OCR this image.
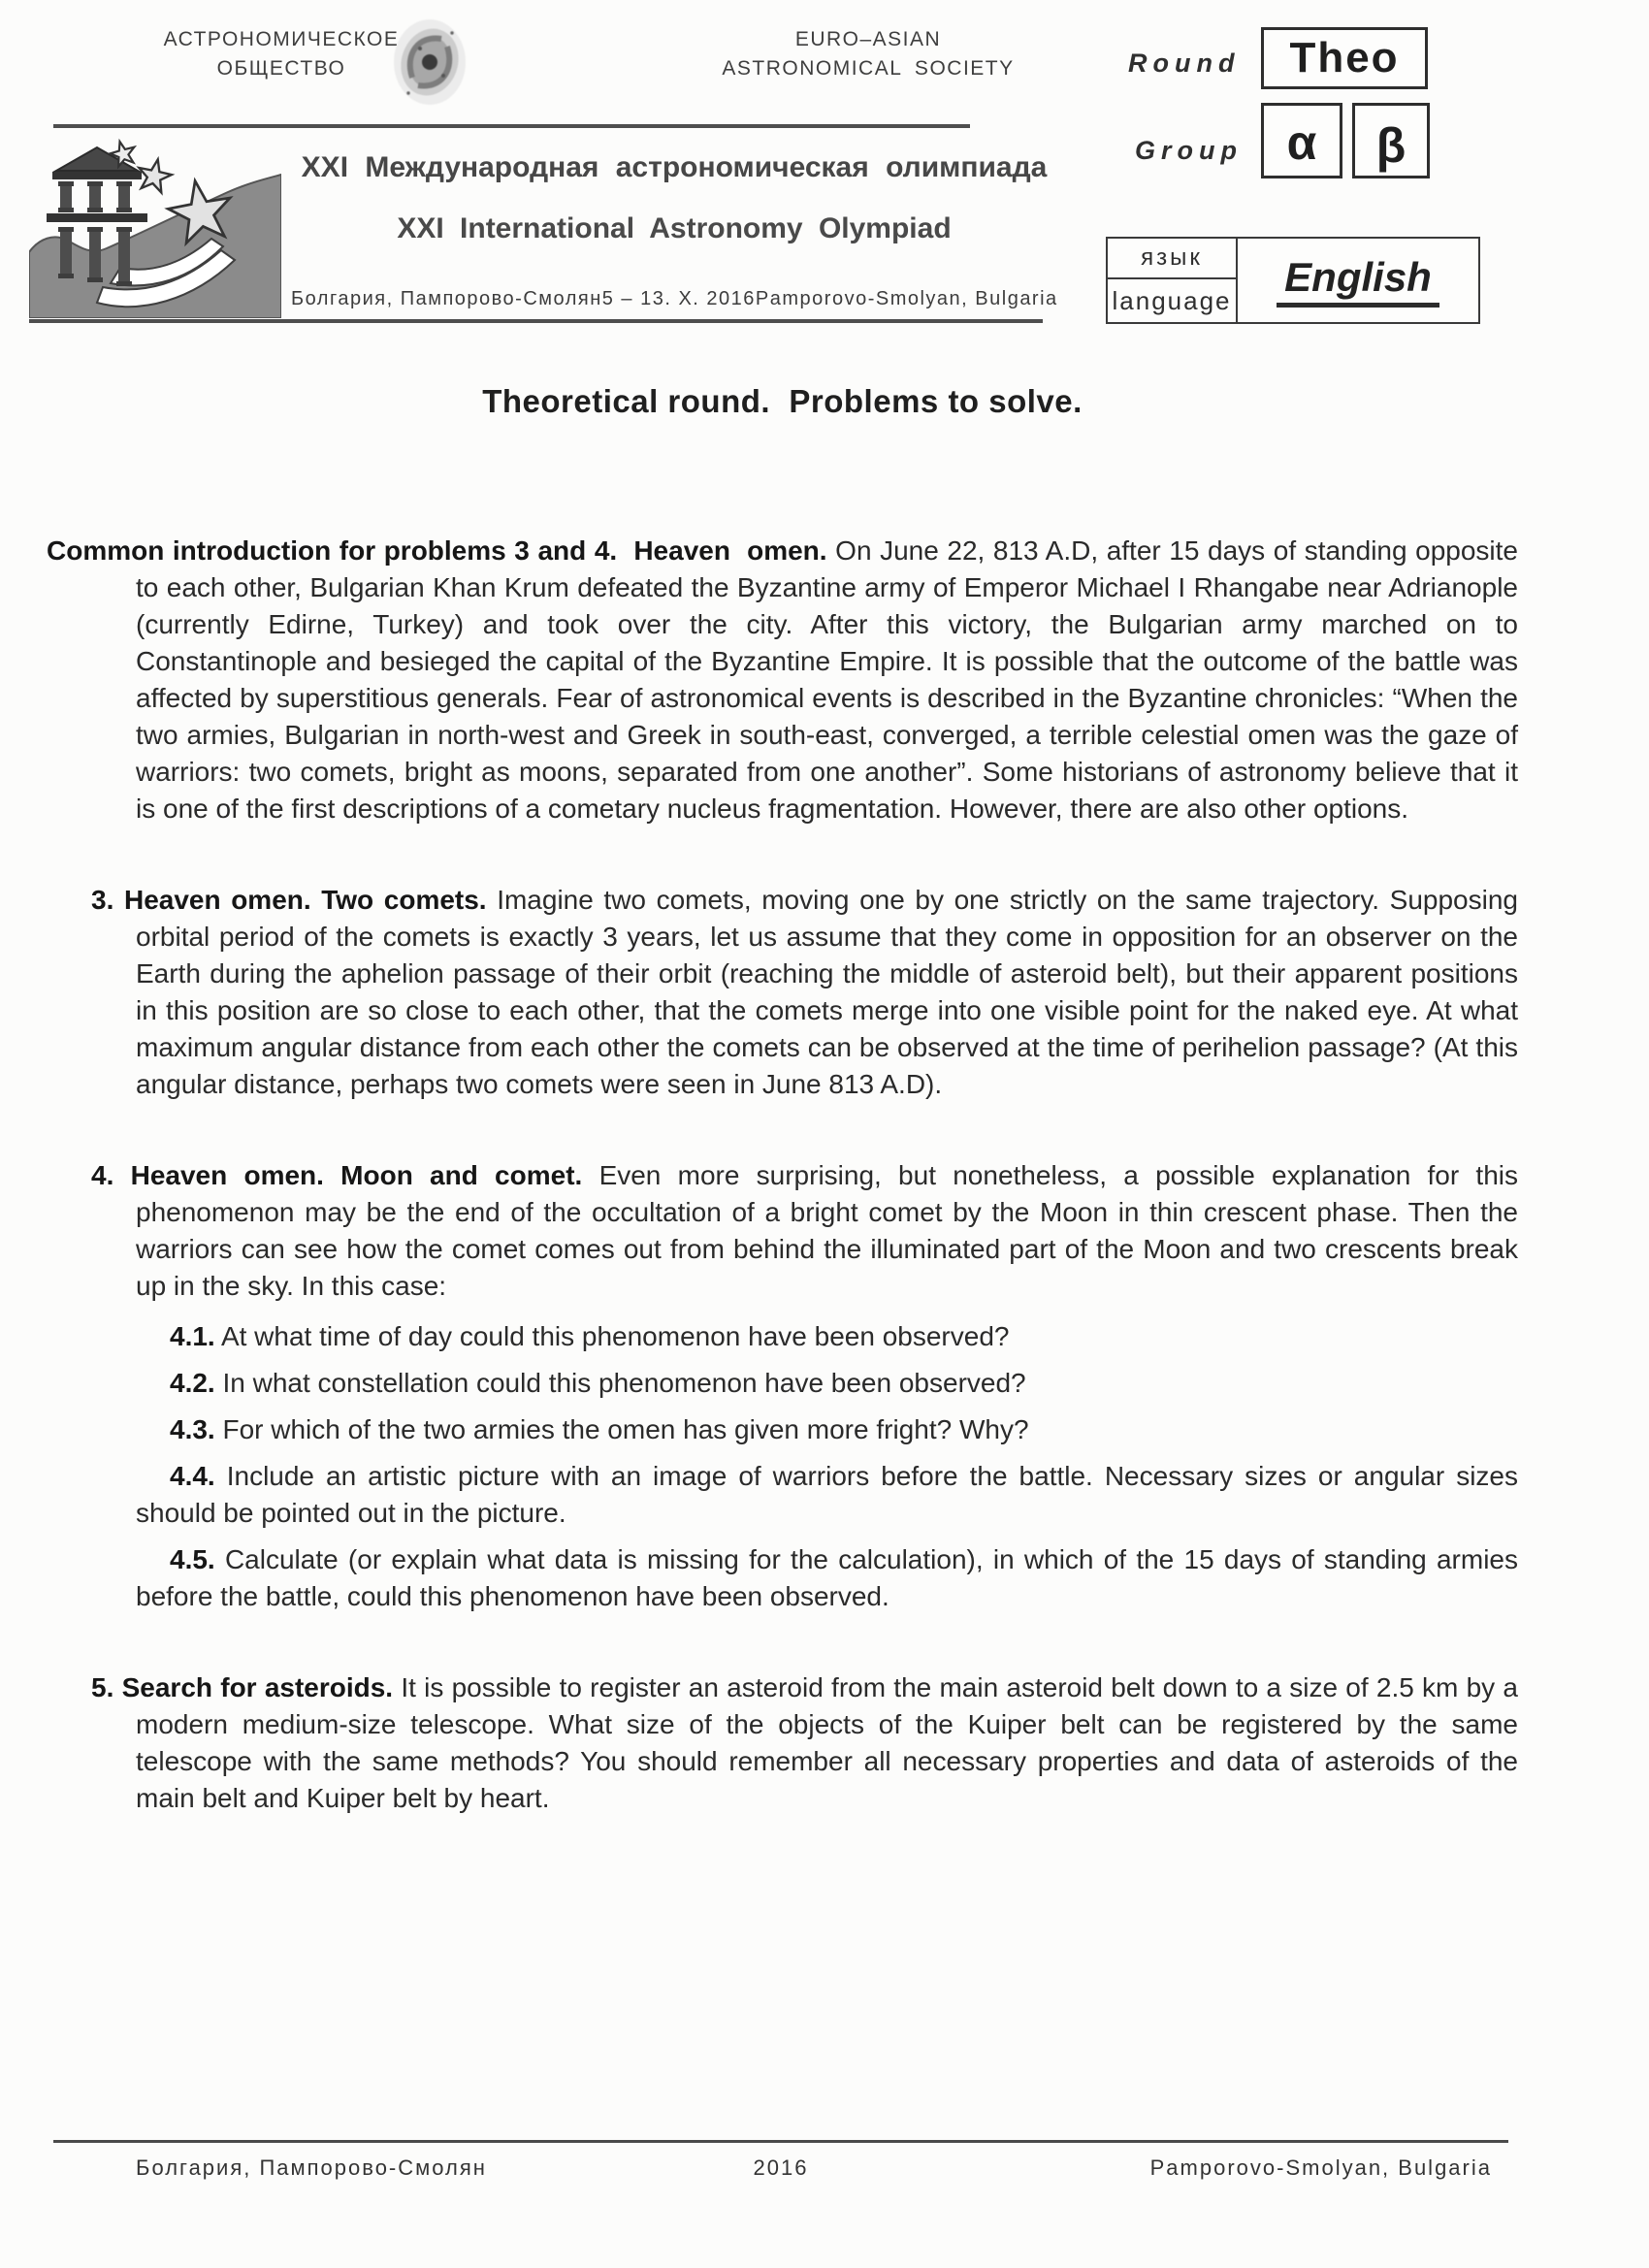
АСТРОНОМИЧЕСКОЕ
ОБЩЕСТВО
EURO–ASIAN
ASTRONOMICAL SOCIETY	Round	Theo
Group α	β
XXI Международная астрономическая олимпиада
XXI International Astronomy Olympiad
Болгария, Пампорово-Смолян 5 – 13. X. 2016 Pamporovo-Smolyan, Bulgaria
язык
language
English
Theoretical round.  Problems to solve.

Common introduction for problems 3 and 4.  Heaven  omen. On June 22, 813 A.D, after 15 days of standing opposite to each other, Bulgarian Khan Krum defeated the Byzantine army of Emperor Michael I Rhangabe near Adrianople (currently Edirne, Turkey) and took over the city. After this victory, the Bulgarian army marched on to Constantinople and besieged the capital of the Byzantine Empire. It is possible that the outcome of the battle was affected by superstitious generals. Fear of astronomical events is described in the Byzantine chronicles: “When the two armies, Bulgarian in north-west and Greek in south-east, converged, a terrible celestial omen was the gaze of warriors: two comets, bright as moons, separated from one another”. Some historians of astronomy believe that it is one of the first descriptions of a cometary nucleus fragmentation. However, there are also other options.

3. Heaven omen. Two comets. Imagine two comets, moving one by one strictly on the same trajectory. Supposing orbital period of the comets is exactly 3 years, let us assume that they come in opposition for an observer on the Earth during the aphelion passage of their orbit (reaching the middle of asteroid belt), but their apparent positions in this position are so close to each other, that the comets merge into one visible point for the naked eye. At what maximum angular distance from each other the comets can be observed at the time of perihelion passage? (At this angular distance, perhaps two comets were seen in June 813 A.D).

4. Heaven omen. Moon and comet. Even more surprising, but nonetheless, a possible explanation for this phenomenon may be the end of the occultation of a bright comet by the Moon in thin crescent phase. Then the warriors can see how the comet comes out from behind the illuminated part of the Moon and two crescents break up in the sky. In this case:

4.1. At what time of day could this phenomenon have been observed?

4.2. In what constellation could this phenomenon have been observed?

4.3. For which of the two armies the omen has given more fright? Why?

4.4. Include an artistic picture with an image of warriors before the battle. Necessary sizes or angular sizes should be pointed out in the picture.

4.5. Calculate (or explain what data is missing for the calculation), in which of the 15 days of standing armies before the battle, could this phenomenon have been observed.

5. Search for asteroids. It is possible to register an asteroid from the main asteroid belt down to a size of 2.5 km by a modern medium-size telescope. What size of the objects of the Kuiper belt can be registered by the same telescope with the same methods? You should remember all necessary properties and data of asteroids of the main belt and Kuiper belt by heart.

Болгария, Пампорово-Смолян	2016	Pamporovo-Smolyan, Bulgaria
